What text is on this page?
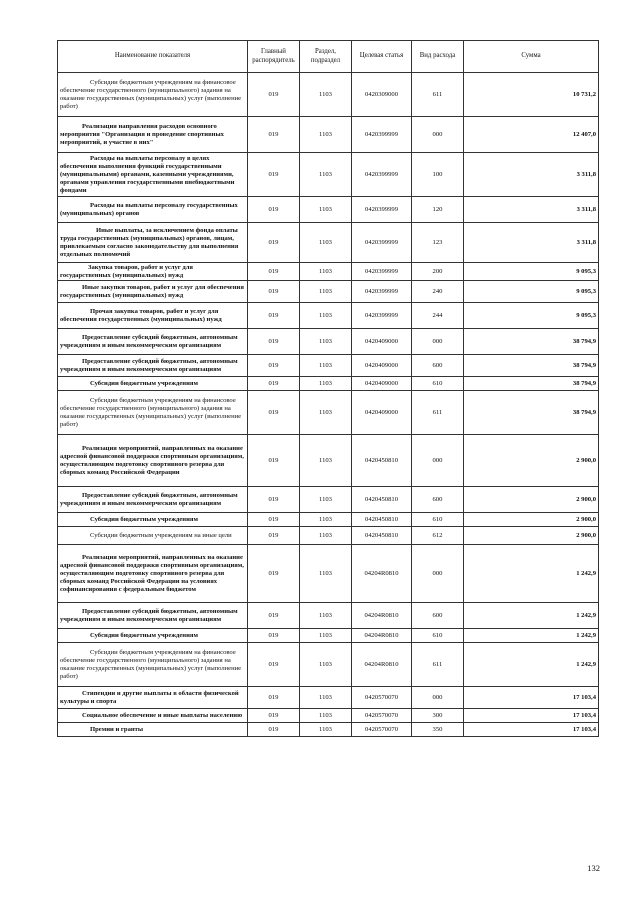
Наименование показателя	Главный распорядитель	Раздел, подраздел	Целевая статья	Вид расхода	Сумма
Субсидии бюджетным учреждениям на финансовое обеспечение государственного (муниципального) задания на оказание государственных (муниципальных) услуг (выполнение работ)	019	1103	0420309000	611	10 731,2
Реализация направления расходов основного мероприятия "Организация и проведение спортивных мероприятий, и участие в них"	019	1103	0420399999	000	12 407,0
Расходы на выплаты персоналу в целях обеспечения выполнения функций государственными (муниципальными) органами, казенными учреждениями, органами управления государственными внебюджетными фондами	019	1103	0420399999	100	3 311,8
Расходы на выплаты персоналу государственных (муниципальных) органов	019	1103	0420399999	120	3 311,8
Иные выплаты, за исключением фонда оплаты труда государственных (муниципальных) органов, лицам, привлекаемым согласно законодательству для выполнения отдельных полномочий	019	1103	0420399999	123	3 311,8
Закупка товаров, работ и услуг для государственных (муниципальных) нужд	019	1103	0420399999	200	9 095,3
Иные закупки товаров, работ и услуг для обеспечения государственных (муниципальных) нужд	019	1103	0420399999	240	9 095,3
Прочая закупка товаров, работ и услуг для обеспечения государственных (муниципальных) нужд	019	1103	0420399999	244	9 095,3
Предоставление субсидий бюджетным, автономным учреждениям и иным некоммерческим организациям	019	1103	0420409000	000	38 794,9
Предоставление субсидий бюджетным, автономным учреждениям и иным некоммерческим организациям	019	1103	0420409000	600	38 794,9
Субсидии бюджетным учреждениям	019	1103	0420409000	610	38 794,9
Субсидии бюджетным учреждениям на финансовое обеспечение государственного (муниципального) задания на оказание государственных (муниципальных) услуг (выполнение работ)	019	1103	0420409000	611	38 794,9
Реализация мероприятий, направленных на оказание адресной финансовой поддержки спортивным организациям, осуществляющим подготовку спортивного резерва для сборных команд Российской Федерации	019	1103	0420450810	000	2 900,0
Предоставление субсидий бюджетным, автономным учреждениям и иным некоммерческим организациям	019	1103	0420450810	600	2 900,0
Субсидии бюджетным учреждениям	019	1103	0420450810	610	2 900,0
Субсидии бюджетным учреждениям на иные цели	019	1103	0420450810	612	2 900,0
Реализация мероприятий, направленных на оказание адресной финансовой поддержки спортивным организациям, осуществляющим подготовку спортивного резерва для сборных команд Российской Федерации на условиях софинансирования с федеральным бюджетом	019	1103	04204R0810	000	1 242,9
Предоставление субсидий бюджетным, автономным учреждениям и иным некоммерческим организациям	019	1103	04204R0810	600	1 242,9
Субсидии бюджетным учреждениям	019	1103	04204R0810	610	1 242,9
Субсидии бюджетным учреждениям на финансовое обеспечение государственного (муниципального) задания на оказание государственных (муниципальных) услуг (выполнение работ)	019	1103	04204R0810	611	1 242,9
Стипендии и другие выплаты в области физической культуры и спорта	019	1103	0420570070	000	17 103,4
Социальное обеспечение и иные выплаты населению	019	1103	0420570070	300	17 103,4
Премии и гранты	019	1103	0420570070	350	17 103,4
132
